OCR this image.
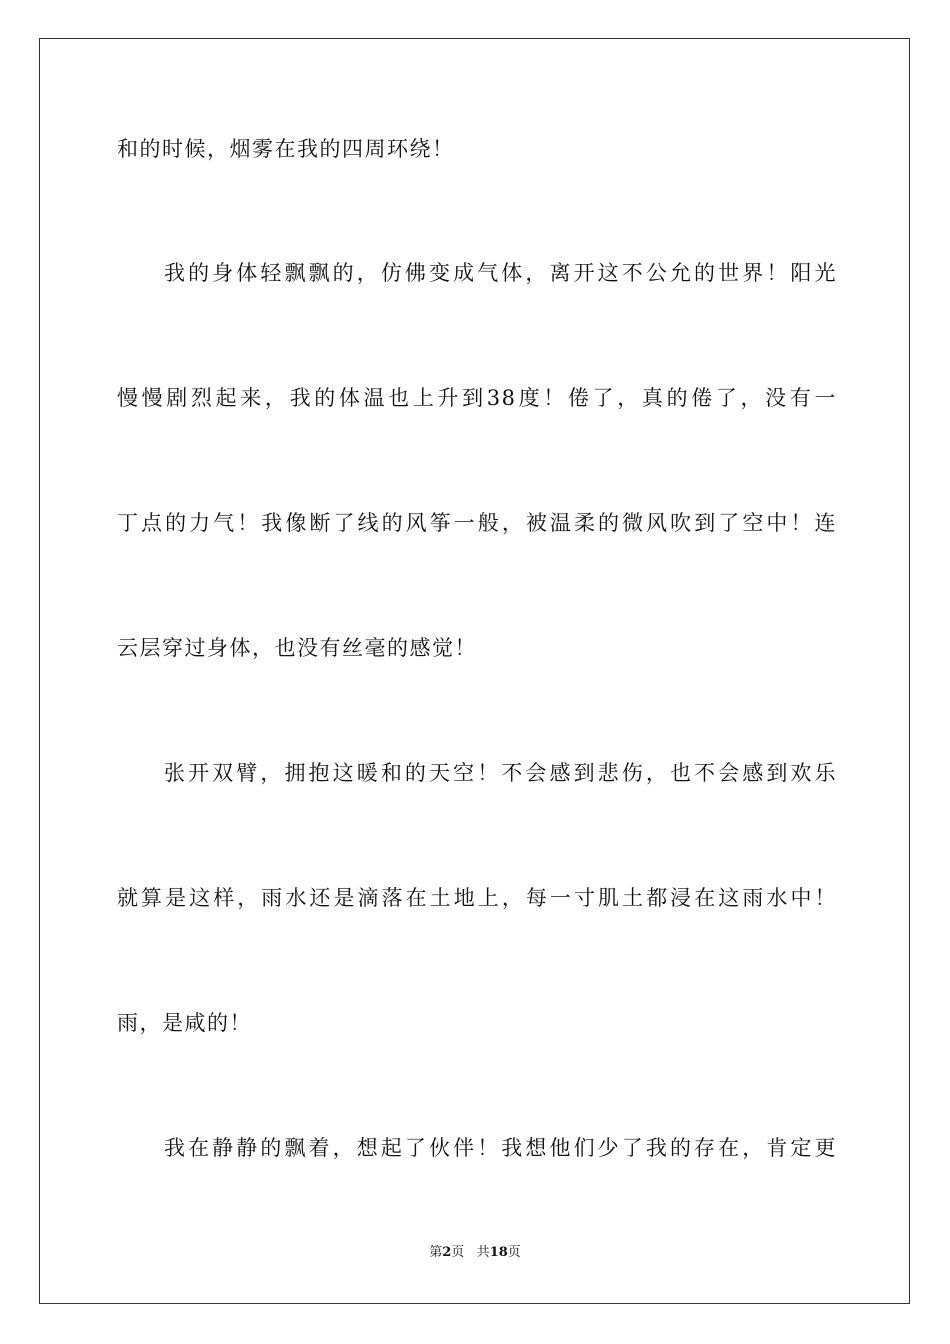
和的时候，烟雾在我的四周环绕！
我的身体轻飘飘的，仿佛变成气体，离开这不公允的世界！阳光
慢慢剧烈起来，我的体温也上升到38度！倦了，真的倦了，没有一
丁点的力气！我像断了线的风筝一般，被温柔的微风吹到了空中！连
云层穿过身体，也没有丝毫的感觉！
张开双臂，拥抱这暖和的天空！不会感到悲伤，也不会感到欢乐
就算是这样，雨水还是滴落在土地上，每一寸肌土都浸在这雨水中！
雨，是咸的！
我在静静的飘着，想起了伙伴！我想他们少了我的存在，肯定更
第2页 共18页
